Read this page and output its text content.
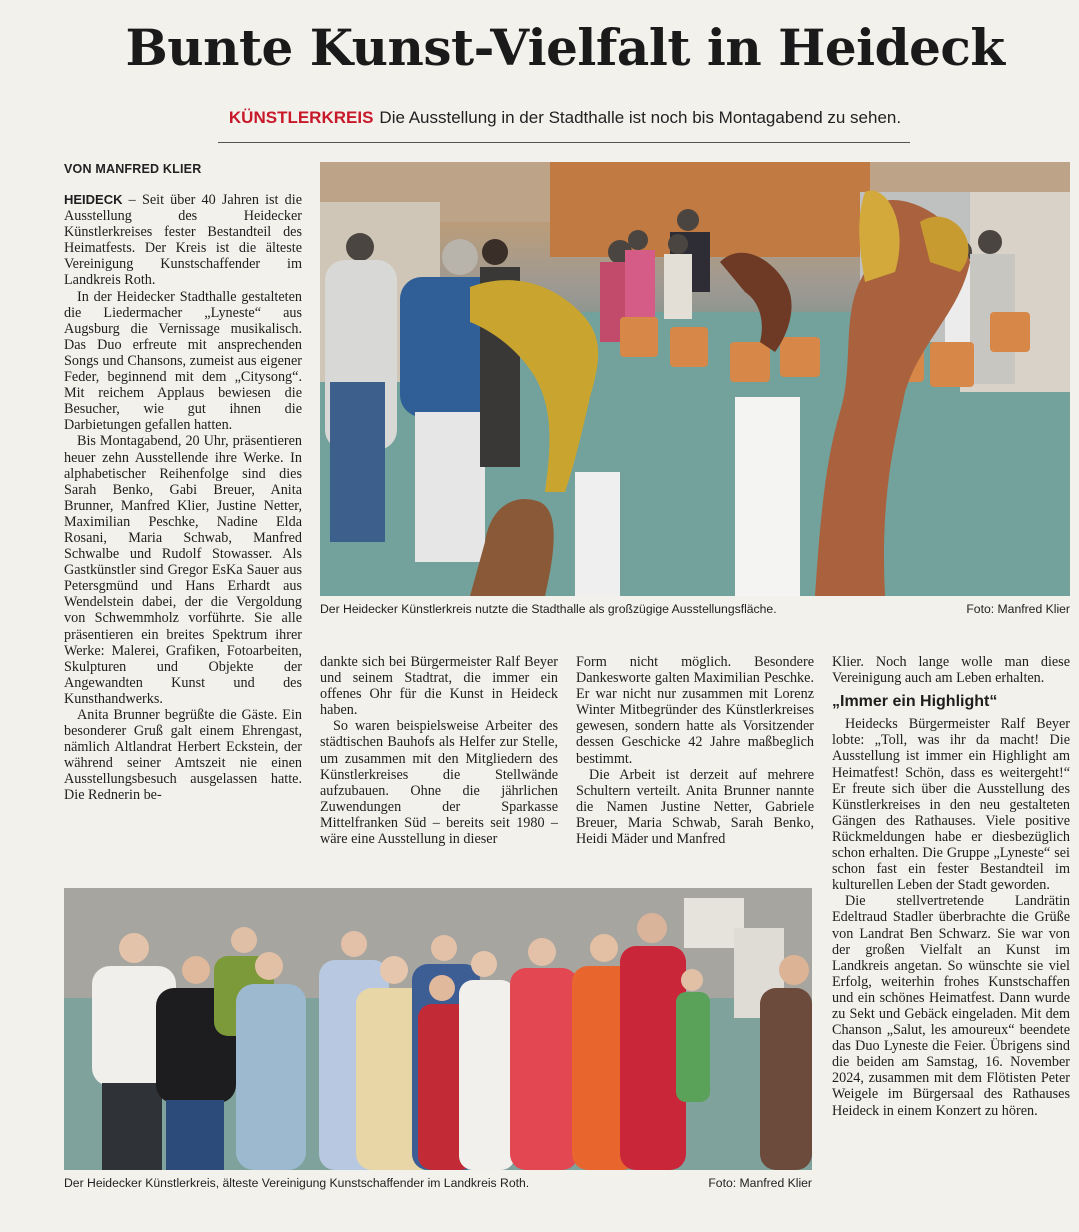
Bunte Kunst-Vielfalt in Heideck
KÜNSTLERKREIS Die Ausstellung in der Stadthalle ist noch bis Montagabend zu sehen.
VON MANFRED KLIER

HEIDECK – Seit über 40 Jahren ist die Ausstellung des Heidecker Künstlerkreises fester Bestandteil des Heimatfests. Der Kreis ist die älteste Vereinigung Kunstschaffender im Landkreis Roth.

In der Heidecker Stadthalle gestalteten die Liedermacher „Lyneste“ aus Augsburg die Vernissage musikalisch. Das Duo erfreute mit ansprechenden Songs und Chansons, zumeist aus eigener Feder, beginnend mit dem „Citysong“. Mit reichem Applaus bewiesen die Besucher, wie gut ihnen die Darbietungen gefallen hatten.

Bis Montagabend, 20 Uhr, präsentieren heuer zehn Ausstellende ihre Werke. In alphabetischer Reihenfolge sind dies Sarah Benko, Gabi Breuer, Anita Brunner, Manfred Klier, Justine Netter, Maximilian Peschke, Nadine Elda Rosani, Maria Schwab, Manfred Schwalbe und Rudolf Stowasser. Als Gastkünstler sind Gregor EsKa Sauer aus Petersgmünd und Hans Erhardt aus Wendelstein dabei, der die Vergoldung von Schwemmholz vorführte. Sie alle präsentieren ein breites Spektrum ihrer Werke: Malerei, Grafiken, Fotoarbeiten, Skulpturen und Objekte der Angewandten Kunst und des Kunsthandwerks.

Anita Brunner begrüßte die Gäste. Ein besonderer Gruß galt einem Ehrengast, nämlich Altlandrat Herbert Eckstein, der während seiner Amtszeit nie einen Ausstellungsbesuch ausgelassen hatte. Die Rednerin be-

Der Heidecker Künstlerkreis nutzte die Stadthalle als großzügige Ausstellungsfläche.	Foto: Manfred Klier

dankte sich bei Bürgermeister Ralf Beyer und seinem Stadtrat, die immer ein offenes Ohr für die Kunst in Heideck haben.

So waren beispielsweise Arbeiter des städtischen Bauhofs als Helfer zur Stelle, um zusammen mit den Mitgliedern des Künstlerkreises die Stellwände aufzubauen. Ohne die jährlichen Zuwendungen der Sparkasse Mittelfranken Süd – bereits seit 1980 – wäre eine Ausstellung in dieser

Form nicht möglich. Besondere Dankesworte galten Maximilian Peschke. Er war nicht nur zusammen mit Lorenz Winter Mitbegründer des Künstlerkreises gewesen, sondern hatte als Vorsitzender dessen Geschicke 42 Jahre maßbeglich bestimmt.

Die Arbeit ist derzeit auf mehrere Schultern verteilt. Anita Brunner nannte die Namen Justine Netter, Gabriele Breuer, Maria Schwab, Sarah Benko, Heidi Mäder und Manfred

Klier. Noch lange wolle man diese Vereinigung auch am Leben erhalten.

„Immer ein Highlight“

Heidecks Bürgermeister Ralf Beyer lobte: „Toll, was ihr da macht! Die Ausstellung ist immer ein Highlight am Heimatfest! Schön, dass es weitergeht!“ Er freute sich über die Ausstellung des Künstlerkreises in den neu gestalteten Gängen des Rathauses. Viele positive Rückmeldungen habe er diesbezüglich schon erhalten. Die Gruppe „Lyneste“ sei schon fast ein fester Bestandteil im kulturellen Leben der Stadt geworden.

Die stellvertretende Landrätin Edeltraud Stadler überbrachte die Grüße von Landrat Ben Schwarz. Sie war von der großen Vielfalt an Kunst im Landkreis angetan. So wünschte sie viel Erfolg, weiterhin frohes Kunstschaffen und ein schönes Heimatfest. Dann wurde zu Sekt und Gebäck eingeladen. Mit dem Chanson „Salut, les amoureux“ beendete das Duo Lyneste die Feier. Übrigens sind die beiden am Samstag, 16. November 2024, zusammen mit dem Flötisten Peter Weigele im Bürgersaal des Rathauses Heideck in einem Konzert zu hören.

Der Heidecker Künstlerkreis, älteste Vereinigung Kunstschaffender im Landkreis Roth.	Foto: Manfred Klier
